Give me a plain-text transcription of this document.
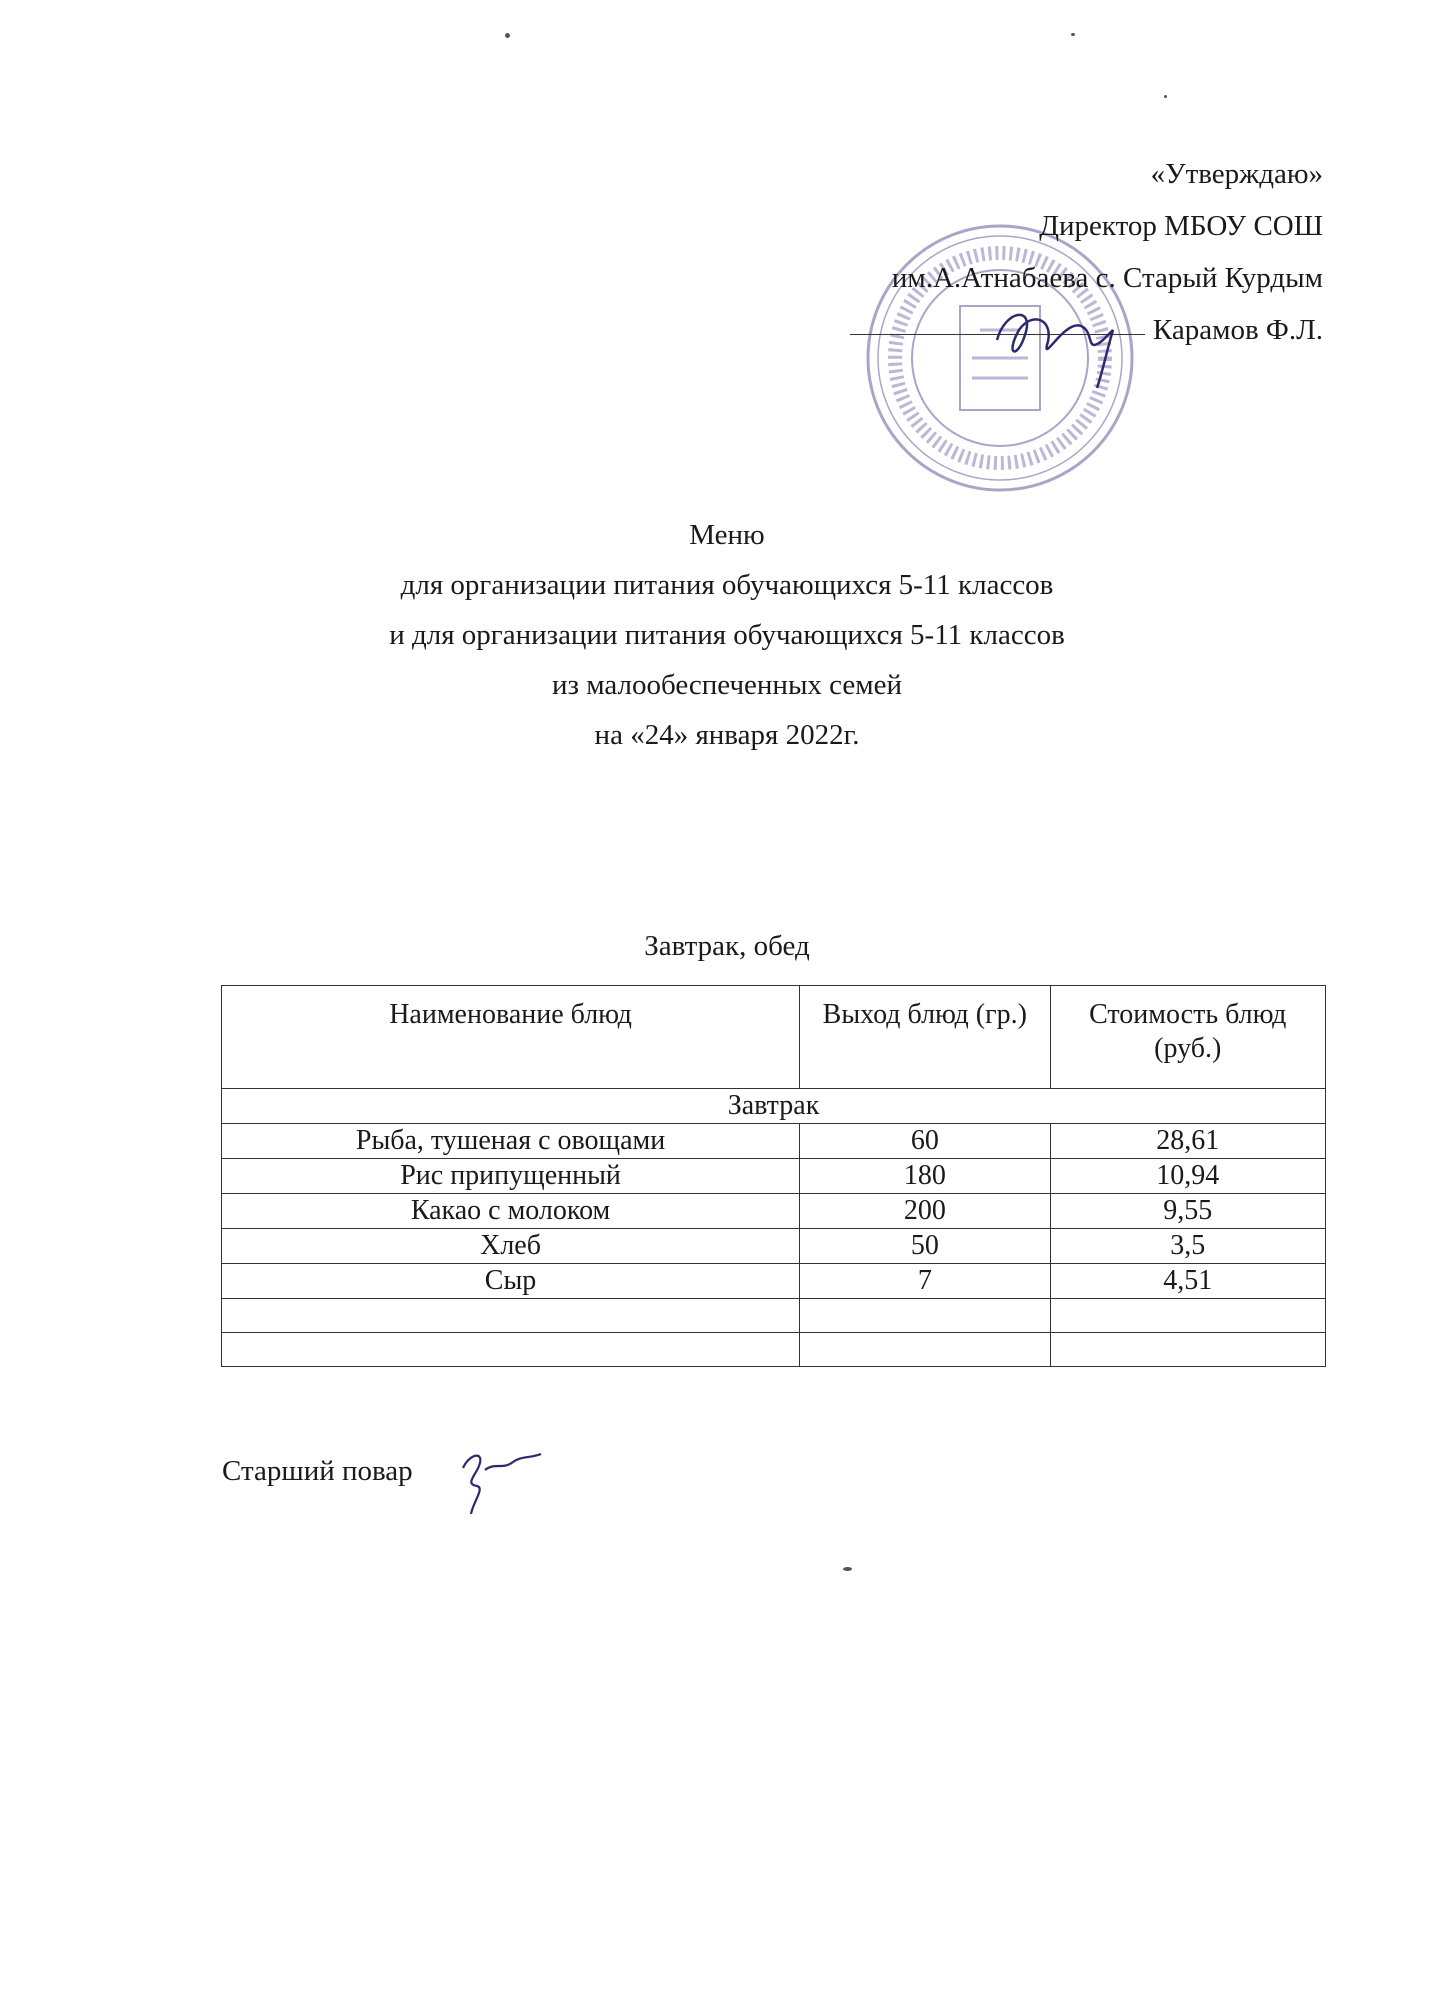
«Утверждаю»
Директор МБОУ СОШ
им.А.Атнабаева с. Старый Курдым
Карамов Ф.Л.
Меню
для организации питания обучающихся 5-11 классов
и для организации питания обучающихся 5-11 классов
из малообеспеченных семей
на «24» января 2022г.
Завтрак, обед
Наименование блюд	Выход блюд (гр.)	Стоимость блюд (руб.)
Завтрак		
Рыба, тушеная с овощами	60	28,61
Рис припущенный	180	10,94
Какао с молоком	200	9,55
Хлеб	50	3,5
Сыр	7	4,51

Старший повар
